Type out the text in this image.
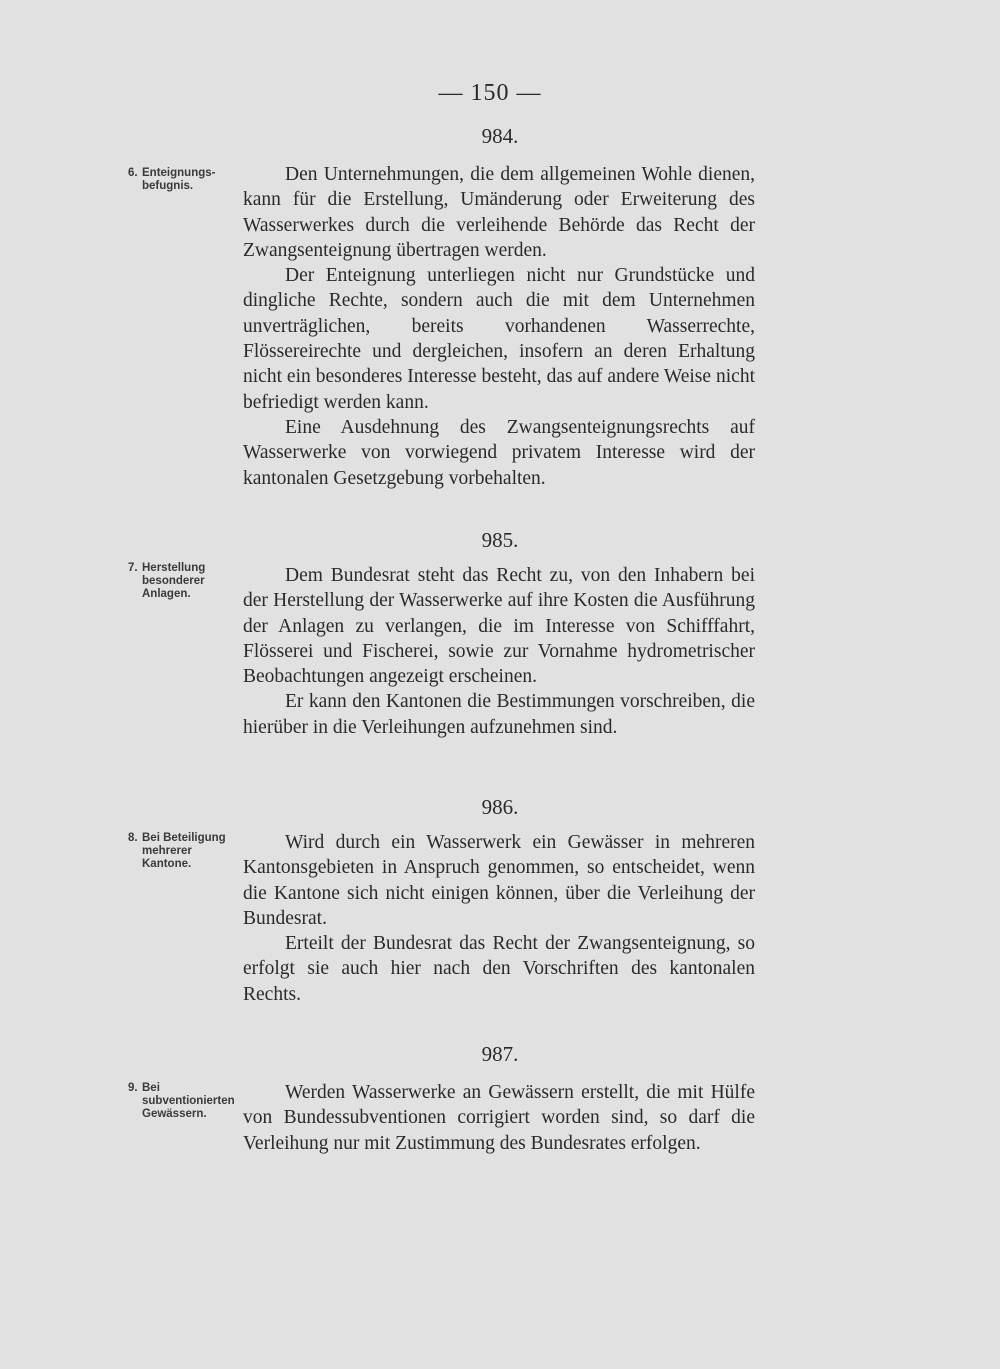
— 150 —
984.
6. Enteignungs-befugnis.

Den Unternehmungen, die dem allgemeinen Wohle dienen, kann für die Erstellung, Umänderung oder Erweiterung des Wasserwerkes durch die verleihende Behörde das Recht der Zwangsenteignung übertragen werden.

Der Enteignung unterliegen nicht nur Grundstücke und dingliche Rechte, sondern auch die mit dem Unternehmen unverträglichen, bereits vorhandenen Wasserrechte, Flössereirechte und dergleichen, insofern an deren Erhaltung nicht ein besonderes Interesse besteht, das auf andere Weise nicht befriedigt werden kann.

Eine Ausdehnung des Zwangsenteignungsrechts auf Wasserwerke von vorwiegend privatem Interesse wird der kantonalen Gesetzgebung vorbehalten.

985.
7. Herstellung besonderer Anlagen.

Dem Bundesrat steht das Recht zu, von den Inhabern bei der Herstellung der Wasserwerke auf ihre Kosten die Ausführung der Anlagen zu verlangen, die im Interesse von Schifffahrt, Flösserei und Fischerei, sowie zur Vornahme hydrometrischer Beobachtungen angezeigt erscheinen.

Er kann den Kantonen die Bestimmungen vorschreiben, die hierüber in die Verleihungen aufzunehmen sind.

986.
8. Bei Beteiligung mehrerer Kantone.

Wird durch ein Wasserwerk ein Gewässer in mehreren Kantonsgebieten in Anspruch genommen, so entscheidet, wenn die Kantone sich nicht einigen können, über die Verleihung der Bundesrat.

Erteilt der Bundesrat das Recht der Zwangsenteignung, so erfolgt sie auch hier nach den Vorschriften des kantonalen Rechts.

987.
9. Bei subventionierten Gewässern.

Werden Wasserwerke an Gewässern erstellt, die mit Hülfe von Bundessubventionen corrigiert worden sind, so darf die Verleihung nur mit Zustimmung des Bundesrates erfolgen.
